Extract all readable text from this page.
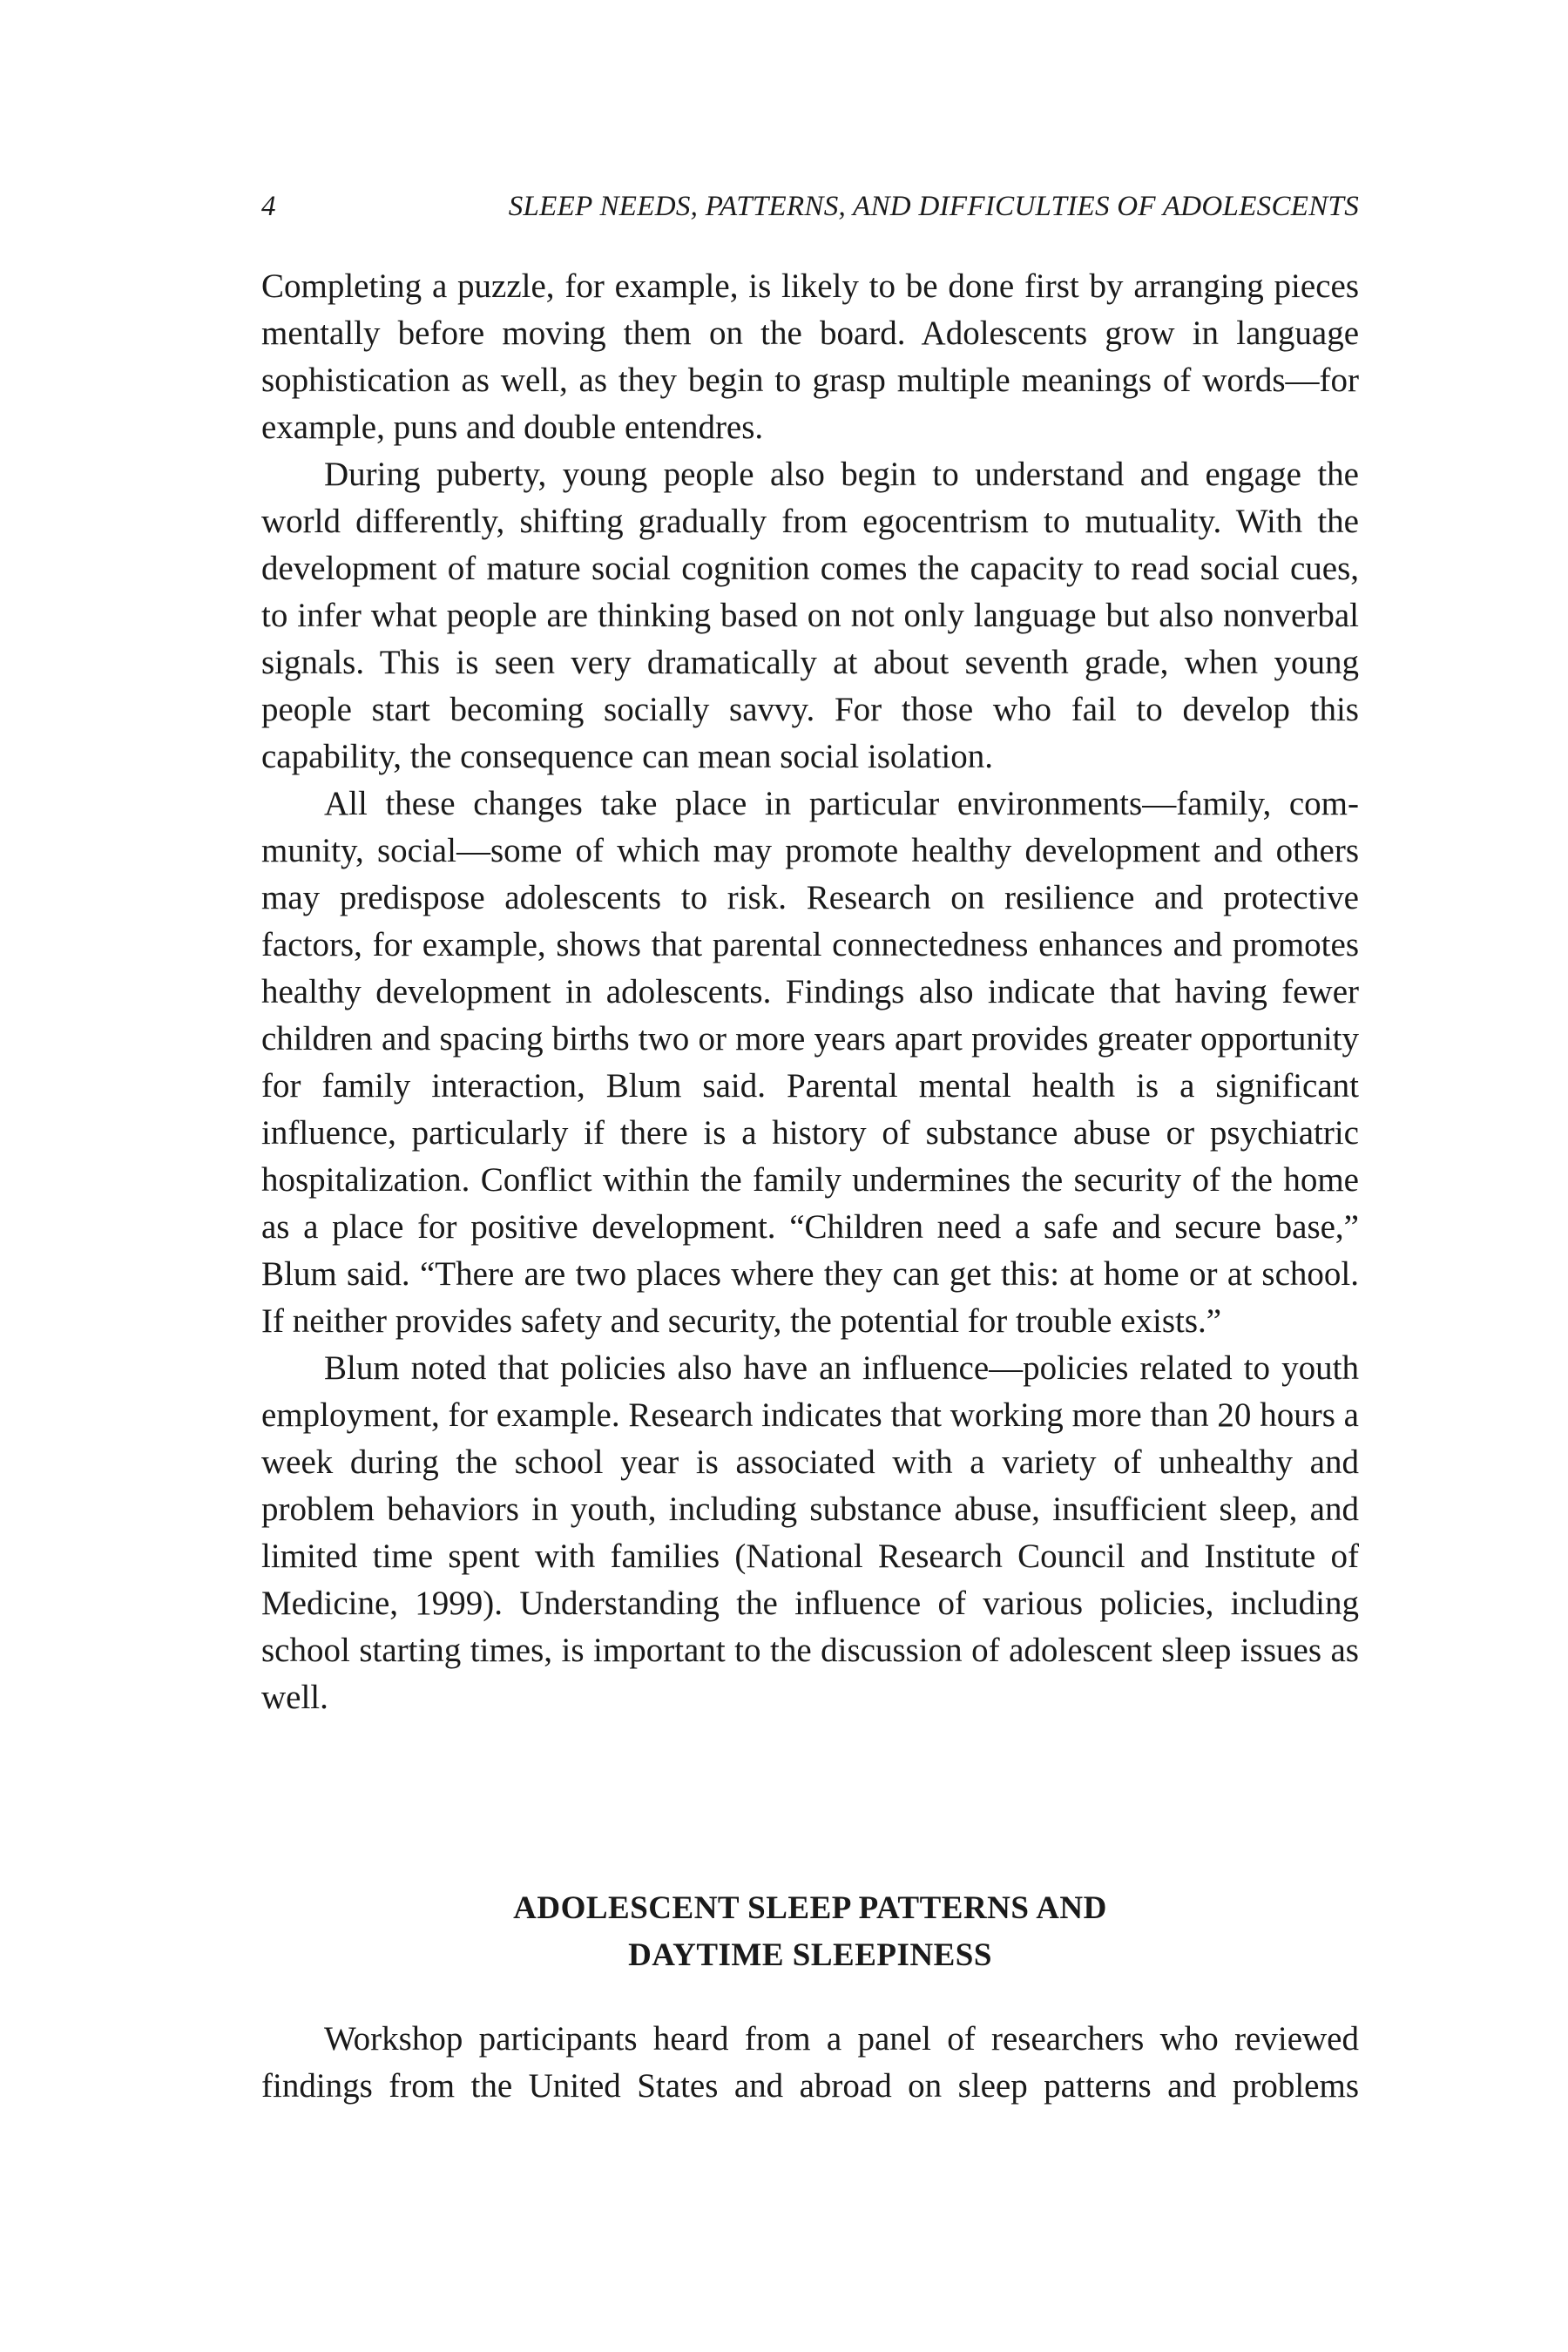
4	SLEEP NEEDS, PATTERNS, AND DIFFICULTIES OF ADOLESCENTS

Completing a puzzle, for example, is likely to be done first by arranging pieces mentally before moving them on the board. Adolescents grow in language sophistication as well, as they begin to grasp multiple meanings of words—for example, puns and double entendres.

During puberty, young people also begin to understand and engage the world differently, shifting gradually from egocentrism to mutuality. With the development of mature social cognition comes the capacity to read social cues, to infer what people are thinking based on not only language but also nonverbal signals. This is seen very dramatically at about seventh grade, when young people start becoming socially savvy. For those who fail to develop this capability, the consequence can mean social isolation.

All these changes take place in particular environments—family, community, social—some of which may promote healthy development and others may predispose adolescents to risk. Research on resilience and protective factors, for example, shows that parental connectedness enhances and promotes healthy development in adolescents. Findings also indicate that having fewer children and spacing births two or more years apart provides greater opportunity for family interaction, Blum said. Parental mental health is a significant influence, particularly if there is a history of substance abuse or psychiatric hospitalization. Conflict within the family undermines the security of the home as a place for positive development. “Children need a safe and secure base,” Blum said. “There are two places where they can get this: at home or at school. If neither provides safety and security, the potential for trouble exists.”

Blum noted that policies also have an influence—policies related to youth employment, for example. Research indicates that working more than 20 hours a week during the school year is associated with a variety of unhealthy and problem behaviors in youth, including substance abuse, insufficient sleep, and limited time spent with families (National Research Council and Institute of Medicine, 1999). Understanding the influence of various policies, including school starting times, is important to the discussion of adolescent sleep issues as well.

ADOLESCENT SLEEP PATTERNS AND
DAYTIME SLEEPINESS

Workshop participants heard from a panel of researchers who reviewed findings from the United States and abroad on sleep patterns and problems
